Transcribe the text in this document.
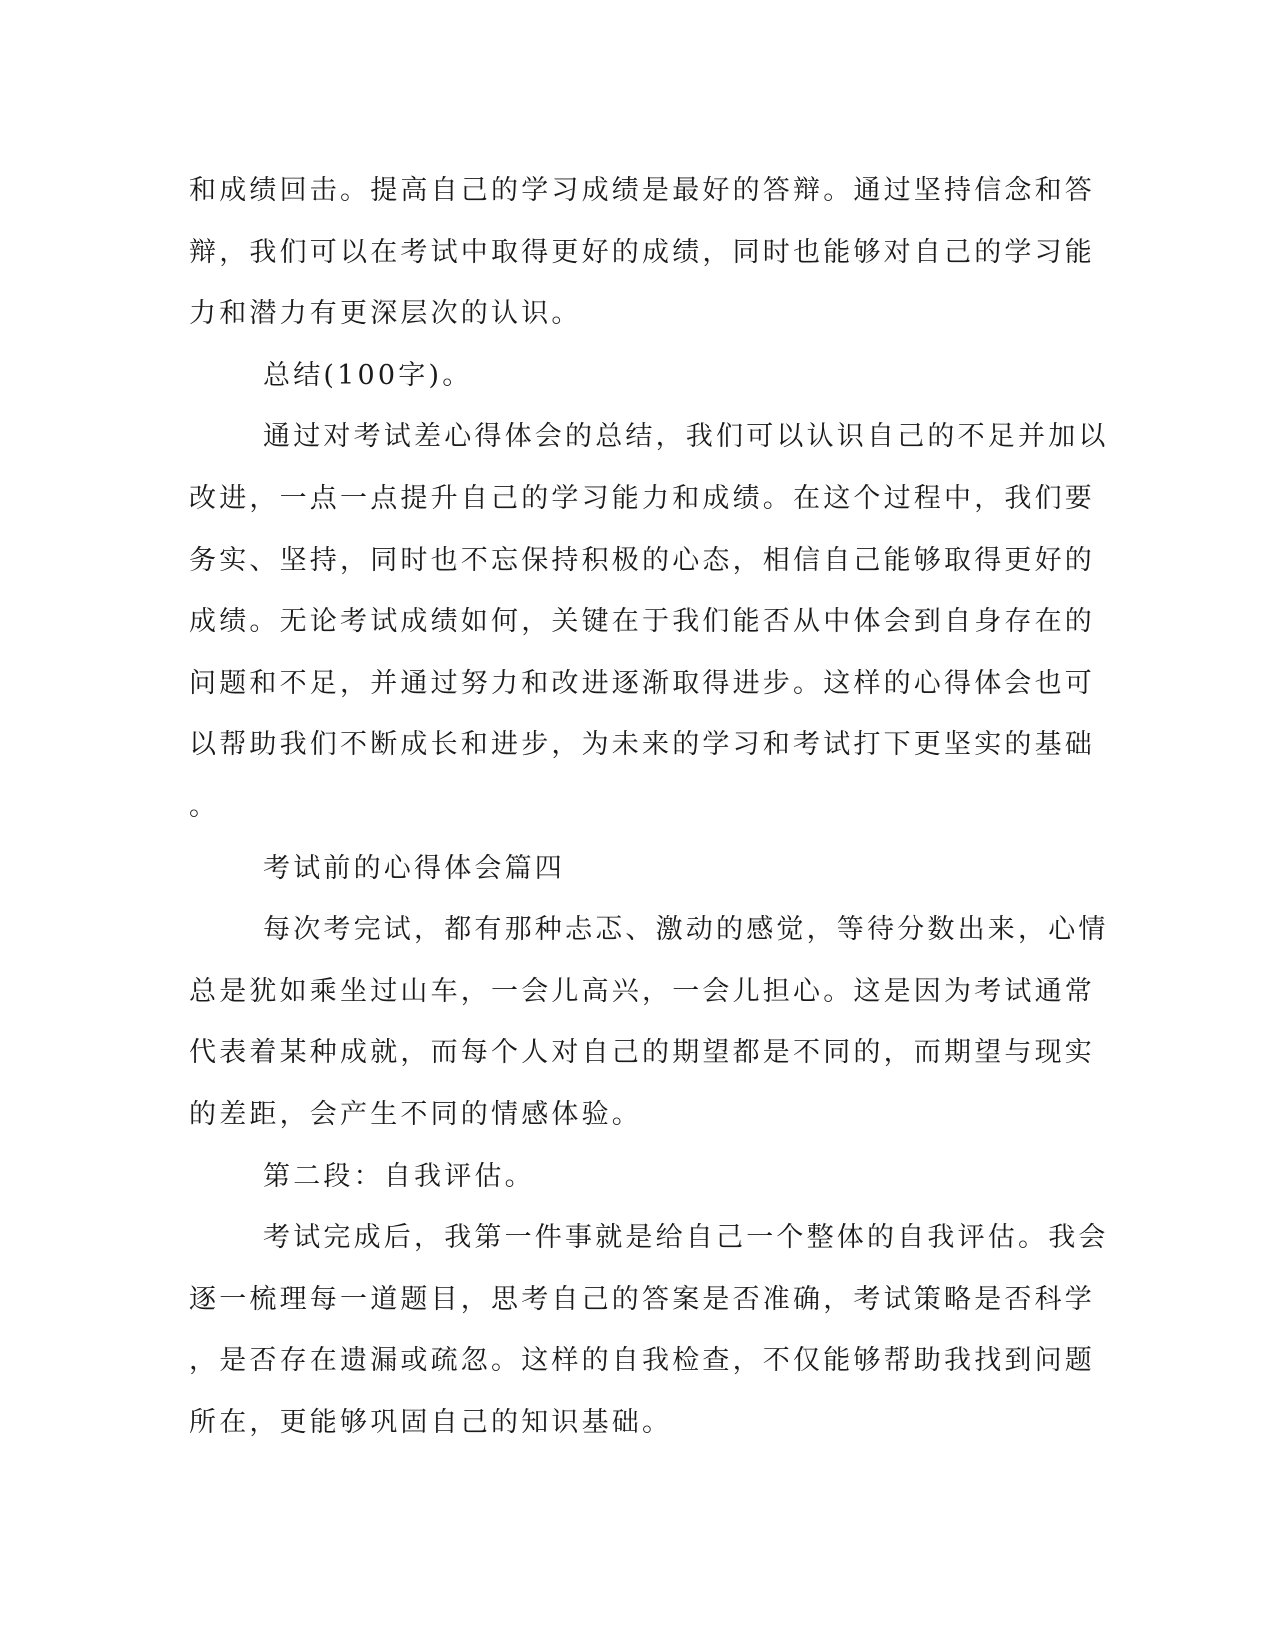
和成绩回击。提高自己的学习成绩是最好的答辩。通过坚持信念和答
辩，我们可以在考试中取得更好的成绩，同时也能够对自己的学习能
力和潜力有更深层次的认识。
总结(100字)。
通过对考试差心得体会的总结，我们可以认识自己的不足并加以
改进，一点一点提升自己的学习能力和成绩。在这个过程中，我们要
务实、坚持，同时也不忘保持积极的心态，相信自己能够取得更好的
成绩。无论考试成绩如何，关键在于我们能否从中体会到自身存在的
问题和不足，并通过努力和改进逐渐取得进步。这样的心得体会也可
以帮助我们不断成长和进步，为未来的学习和考试打下更坚实的基础
。
考试前的心得体会篇四
每次考完试，都有那种忐忑、激动的感觉，等待分数出来，心情
总是犹如乘坐过山车，一会儿高兴，一会儿担心。这是因为考试通常
代表着某种成就，而每个人对自己的期望都是不同的，而期望与现实
的差距，会产生不同的情感体验。
第二段：自我评估。
考试完成后，我第一件事就是给自己一个整体的自我评估。我会
逐一梳理每一道题目，思考自己的答案是否准确，考试策略是否科学
，是否存在遗漏或疏忽。这样的自我检查，不仅能够帮助我找到问题
所在，更能够巩固自己的知识基础。
